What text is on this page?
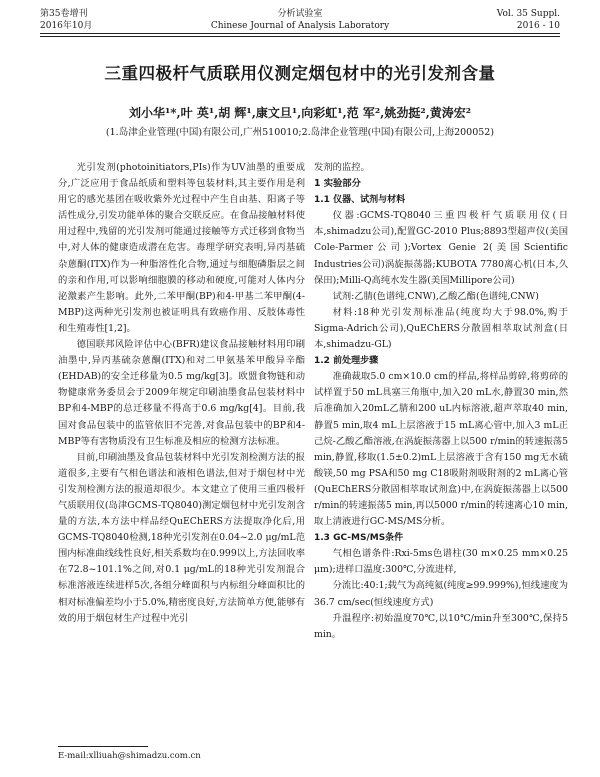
第35卷增刊
2016年10月
分析试验室
Chinese Journal of Analysis Laboratory
Vol. 35 Suppl.
2016 - 10
三重四极杆气质联用仪测定烟包材中的光引发剂含量
刘小华¹*,叶 英¹,胡 辉¹,康文旦¹,向彩虹¹,范 军²,姚劲挺²,黄涛宏²
(1.岛津企业管理(中国)有限公司,广州510010;2.岛津企业管理(中国)有限公司,上海200052)

光引发剂(photoinitiators,PIs)作为UV油墨的重要成分,广泛应用于食品纸质和塑料等包装材料,其主要作用是利用它的感光基团在吸收紫外光过程中产生自由基、阳离子等活性成分,引发功能单体的聚合交联反应。在食品接触材料使用过程中,残留的光引发剂可能通过接触等方式迁移到食物当中,对人体的健康造成潜在危害。毒理学研究表明,异丙基硫杂蒽酮(ITX)作为一种脂溶性化合物,通过与细胞磷脂层之间的亲和作用,可以影响细胞膜的移动和硬度,可能对人体内分泌激素产生影响。此外,二苯甲酮(BP)和4-甲基二苯甲酮(4-MBP)这两种光引发剂也被证明具有致癌作用、反肢体毒性和生殖毒性[1,2]。

德国联邦风险评估中心(BFR)建议食品接触材料用印刷油墨中,异丙基硫杂蒽酮(ITX)和对二甲氨基苯甲酸异辛酯(EHDAB)的安全迁移量为0.5 mg/kg[3]。欧盟食物链和动物健康常务委员会于2009年规定印刷油墨食品包装材料中BP和4-MBP的总迁移量不得高于0.6 mg/kg[4]。目前,我国对食品包装中的监管依旧不完善,对食品包装中的BP和4-MBP等有害物质没有卫生标准及相应的检测方法标准。

目前,印刷油墨及食品包装材料中光引发剂检测方法的报道很多,主要有气相色谱法和液相色谱法,但对于烟包材中光引发剂检测方法的报道却很少。本文建立了使用三重四极杆气质联用仪(岛津GCMS-TQ8040)测定烟包材中光引发剂含量的方法,本方法中样品经QuEChERS方法提取净化后,用GCMS-TQ8040检测,18种光引发剂在0.04~2.0 μg/mL范围内标准曲线线性良好,相关系数均在0.999以上,方法回收率在72.8~101.1%之间,对0.1 μg/mL的18种光引发剂混合标准溶液连续进样5次,各组分峰面积与内标组分峰面积比的相对标准偏差均小于5.0%,精密度良好,方法简单方便,能够有效的用于烟包材生产过程中光引

发剂的监控。

1 实验部分

1.1 仪器、试剂与材料

仪器:GCMS-TQ8040三重四极杆气质联用仪(日本,shimadzu公司),配置GC-2010 Plus;8893型超声仪(美国Cole-Parmer公司);Vortex Genie 2(美国Scientific Industries公司)涡旋振荡器;KUBOTA 7780离心机(日本,久保田);Milli-Q高纯水发生器(美国Millipore公司)

试剂:乙腈(色谱纯,CNW),乙酸乙酯(色谱纯,CNW)

材料:18种光引发剂标准品(纯度均大于98.0%,购于Sigma-Adrich公司),QuEChERS分散固相萃取试剂盒(日本,shimadzu-GL)

1.2 前处理步骤

准确裁取5.0 cm×10.0 cm的样品,将样品剪碎,将剪碎的试样置于50 mL具塞三角瓶中,加入20 mL水,静置30 min,然后准确加入20mL乙腈和200 uL内标溶液,超声萃取40 min,静置5 min,取4 mL上层溶液于15 mL离心管中,加入3 mL正己烷-乙酸乙酯溶液,在涡旋振荡器上以500 r/min的转速振荡5 min,静置,移取(1.5±0.2)mL上层溶液于含有150 mg无水硫酸镁,50 mg PSA和50 mg C18吸附剂吸附剂的2 mL离心管(QuEChERS分散固相萃取试剂盒)中,在涡旋振荡器上以500 r/min的转速振荡5 min,再以5000 r/min的转速离心10 min,取上清液进行GC-MS/MS分析。

1.3 GC-MS/MS条件

气相色谱条件:Rxi-5ms色谱柱(30 m×0.25 mm×0.25 μm);进样口温度:300℃,分流进样,

分流比:40:1;载气为高纯氦(纯度≥99.999%),恒线速度为36.7 cm/sec(恒线速度方式)

升温程序:初始温度70℃,以10℃/min升至300℃,保持5 min。

E-mail:xlliuah@shimadzu.com.cn
